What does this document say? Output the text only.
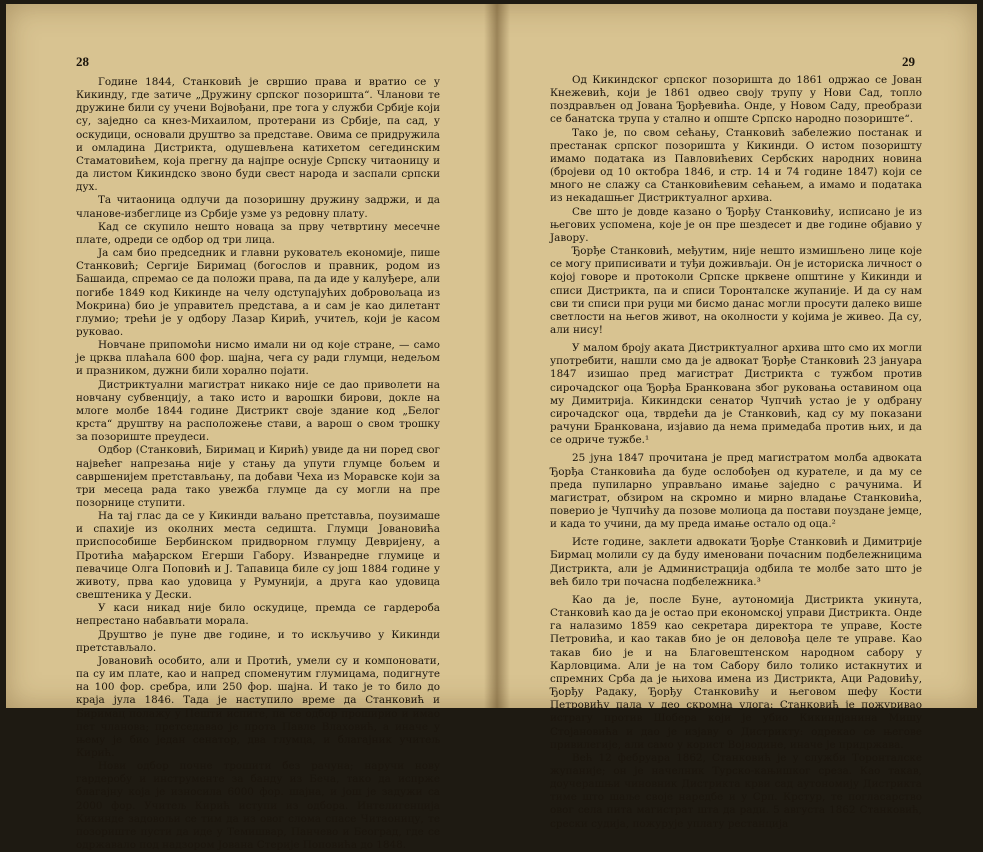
28

Године 1844, Станковић је свршио права и вратио се у Кикинду, где затиче „Дружину српског позоришта“. Чланови те дружине били су учени Војвођани, пре тога у служби Србије који су, заједно са кнез-Михаилом, протерани из Србије, па сад, у оскудици, основали друштво за представе. Овима се придружила и омладина Дистрикта, одушевљена катихетом сегединским Стаматовићем, која прегну да најпре оснује Српску читаоницу и да листом Кикиндско звоно буди свест народа и заспали српски дух.

Та читаоница одлучи да позоришну дружину задржи, и да чланове-избеглице из Србије узме уз редовну плату.

Кад се скупило нешто новаца за прву четвртину месечне плате, одреди се одбор од три лица.

Ја сам био председник и главни руковатељ економије, пише Станковић; Сергије Биримац (богослов и правник, родом из Башаида, спремао се да положи права, па да иде у калуђере, али погибе 1849 код Кикинде на челу одступајућих добровољаца из Мокрина) био је управитељ представа, а и сам је као дилетант глумио; трећи је у одбору Лазар Кирић, учитељ, који је касом руковао.

Новчане припомоћи нисмо имали ни од које стране, — само је црква плаћала 600 фор. шајна, чега су ради глумци, недељом и празником, дужни били хорално појати.

Дистриктуални магистрат никако није се дао приволети на новчану субвенцију, а тако исто и варошки бирови, докле на млоге молбе 1844 године Дистрикт своје здание код „Белог крста“ друштву на расположење стави, а варош о свом трошку за позориште преудеси.

Одбор (Станковић, Биримац и Кирић) увиде да ни поред свог највећег напрезања није у стању да упути глумце бољем и савршенијем претстављању, па добави Чеха из Моравске који за три месеца рада тако увежба глумце да су могли на пре позорнице ступити.

На тај глас да се у Кикинди ваљано претставља, поузимаше и спахије из околних места седишта. Глумци Јовановића приспособише Бербинском придворном глумцу Девријену, а Протића мађарском Егерши Габору. Изванредне глумице и певачице Олга Поповић и Ј. Тапавица биле су још 1884 године у животу, прва као удовица у Румунији, а друга као удовица свештеника у Дески.

У каси никад није било оскудице, премда се гардероба непрестано набављати морала.

Друштво је пуне две године, и то искључиво у Кикинди претстављало.

Јовановић особито, али и Протић, умели су и компоновати, па су им плате, као и напред споменутим глумицама, подигнуте на 100 фор. сребра, или 250 фор. шајна. И тако је то било до краја јула 1846. Тада је наступило време да Станковић и Биримац полажу у Пешти испите, па се одбор проширио и имао пет чланова; претседавао је прота Павле Влаховић, а иначе у њему је био један сенатор, два глумца, и благајник учитељ Кирић.

Нови одбор почне трошити без рачуна; наручи нову гардеробу и инструменте за банду из Беча, тако да испрже благајну која је износила 6000 фор. шајна, и још је задужи са 2000 фор. Учитељ Кирић иступи из одбора. Интелигенција Кикинде задовољи се тим да из овог слома спасе Читаоницу, те позориште пусти да иде у Темишвар, Панчево и Београд, где се одржавало под надзором Јована Стерије Поповића до 1848.

29

Од Кикиндског српског позоришта до 1861 одржао се Јован Кнежевић, који је 1861 одвео своју трупу у Нови Сад, топло поздрављен од Јована Ђорђевића. Онде, у Новом Саду, преобрази се банатска трупа у стално и опште Српско народно позориште“.

Тако је, по свом сећању, Станковић забележио постанак и престанак српског позоришта у Кикинди. О истом позоришту имамо података из Павловићевих Сербских народних новина (бројеви од 10 октобра 1846, и стр. 14 и 74 године 1847) који се много не слажу са Станковићевим сећањем, а имамо и података из некадашњег Дистриктуалног архива.

Све што је довде казано о Ђорђу Станковићу, исписано је из његових успомена, које је он пре шездесет и две године објавио у Јавору.

Ђорђе Станковић, међутим, није нешто измишљено лице које се могу приписивати и туђи доживљаји. Он је историска личност о којој говоре и протоколи Српске црквене општине у Кикинди и списи Дистрикта, па и списи Торонталске жупаније. И да су нам сви ти списи при руци ми бисмо данас могли просути далеко више светлости на његов живот, на околности у којима је живео. Да су, али нису!

У малом броју аката Дистриктуалног архива што смо их могли употребити, нашли смо да је адвокат Ђорђе Станковић 23 јануара 1847 изишао пред магистрат Дистрикта с тужбом против сирочадског оца Ђорђа Бранкована због руковања оставином оца му Димитрија. Кикиндски сенатор Чупчић устао је у одбрану сирочадског оца, тврдећи да је Станковић, кад су му показани рачуни Бранкована, изјавио да нема примедаба против њих, и да се одриче тужбе.¹

25 јуна 1847 прочитана је пред магистратом молба адвоката Ђорђа Станковића да буде ослобођен од курателе, и да му се преда пупиларно управљано имање заједно с рачунима. И магистрат, обзиром на скромно и мирно владање Станковића, поверио је Чупчићу да позове молиоца да постави поуздане јемце, и када то учини, да му преда имање остало од оца.²

Исте године, заклети адвокати Ђорђе Станковић и Димитрије Бирмац молили су да буду именовани почасним подбележницима Дистрикта, али је Администрација одбила те молбе зато што је већ било три почасна подбележника.³

Као да је, после Буне, аутономија Дистрикта укинута, Станковић као да је остао при економској управи Дистрикта. Онде га налазимо 1859 као секретара директора те управе, Косте Петровића, и као такав био је он деловођа целе те управе. Као такав био је и на Благовештенском народном сабору у Карловцима. Али је на том Сабору било толико истакнутих и спремних Срба да је њихова имена из Дистрикта, Аци Радовићу, Ђорђу Радаку, Ђорђу Станковићу и његовом шефу Кости Петровићу пала у део скромна улога: Станковић је пожуривао истрагу против Шобера који је убио Кикиндјанина Мишу Стојановића и дао је изјаву о Дистрикту: одрекао се његове привилегије, али само у корист Војводине, иначе је придржава.

Већ 12 фебруара 1862, Станковић је у служби Торонталске жупаније; он је начелник Турско-кањишког среза. Као такав, доучерашњи чиновник Дистрикта крви сад аутономију Дистрикта тиме што шаље своје наредбе и у Срп. Крстур, те погласарство овог села пита магистрат шта да ради. 5 августа 1862 Станковић, срески судија, пожурује уплату рестанција
